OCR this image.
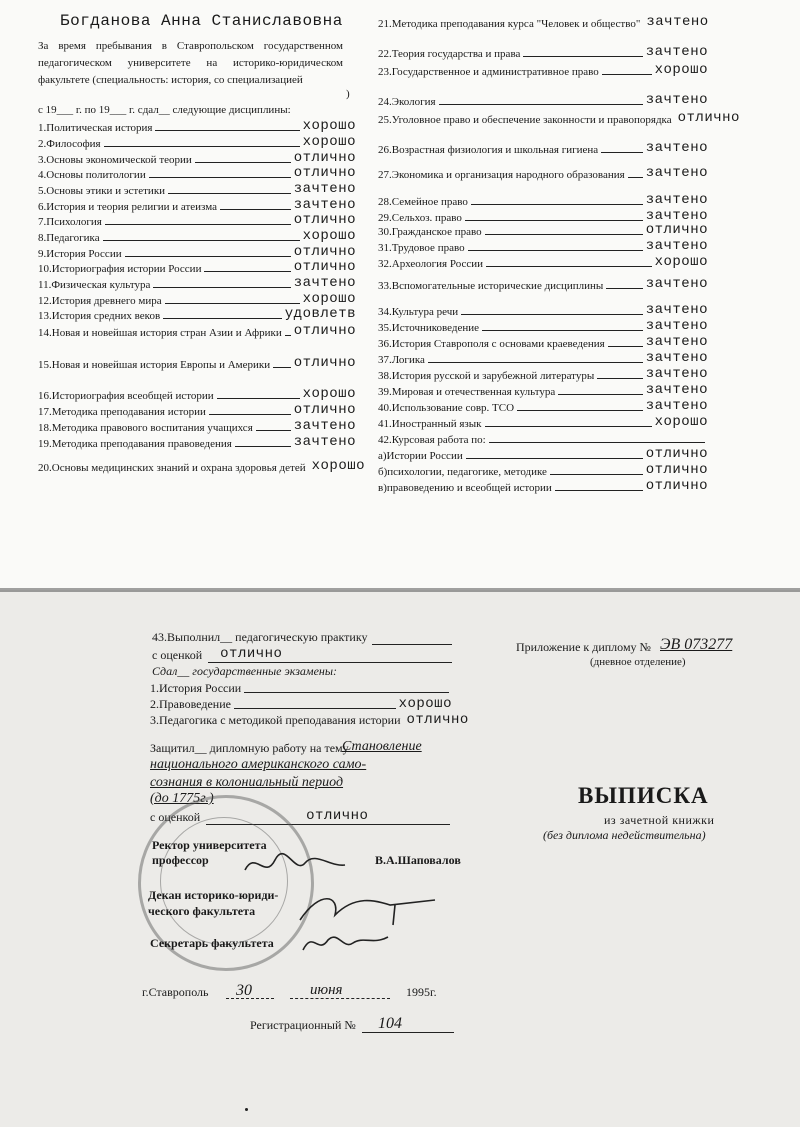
Богданова Анна Станиславовна
За время пребывания в Ставропольском государственном педагогическом университете на историко-юридическом факультете (специальность: история, со специализацией
)
с 19___ г. по 19___ г. сдал__ следующие дисциплины:
1.Политическая история	хорошо
2.Философия	хорошо
3.Основы экономической теории	отлично
4.Основы политологии	отлично
5.Основы этики и эстетики	зачтено
6.История и теория религии и атеизма	зачтено
7.Психология	отлично
8.Педагогика	хорошо
9.История России	отлично
10.Историография истории России	отлично
11.Физическая культура	зачтено
12.История древнего мира	хорошо
13.История средних веков	удовлетв
14.Новая и новейшая история стран Азии и Африки отлично
15.Новая и новейшая история Европы и Америки отлично
16.Историография всеобщей истории	хорошо
17.Методика преподавания истории	отлично
18.Методика правового воспитания учащихся	зачтено
19.Методика преподавания правоведения	зачтено
20.Основы медицинских знаний и охрана здоровья детей хорошо
21.Методика преподавания курса "Человек и общество" зачтено
22.Теория государства и права	зачтено
23.Государственное и административное право	хорошо
24.Экология	зачтено
25.Уголовное право и обеспечение законности и правопорядка отлично
26.Возрастная физиология и школьная гигиена	зачтено
27.Экономика и организация народного образования зачтено
28.Семейное право	зачтено
29.Сельхоз. право	зачтено
30.Гражданское право	отлично
31.Трудовое право	зачтено
32.Археология России	хорошо
33.Вспомогательные исторические дисциплины	зачтено
34.Культура речи	зачтено
35.Источниковедение	зачтено
36.История Ставрополя с основами краеведения	зачтено
37.Логика	зачтено
38.История русской и зарубежной литературы	зачтено
39.Мировая и отечественная культура	зачтено
40.Использование совр. ТСО	зачтено
41.Иностранный язык	хорошо
42.Курсовая работа по:
а)Истории России	отлично
б)психологии, педагогике, методике	отлично
в)правоведению и всеобщей истории	отлично
43.Выполнил__ педагогическую практику
с оценкой	отлично
Сдал__ государственные экзамены:
1.История России
2.Правоведение	хорошо
3.Педагогика с методикой преподавания истории отлично
Защитил__ дипломную работу на тему
Становление
национального американского само-
сознания в колониальный период
(до 1775г.)
с оценкой	отлично
Ректор университета
профессор	В.А.Шаповалов
Декан историко-юриди-
ческого факультета
Секретарь факультета
г.Ставрополь 30	июня	1995г.
Регистрационный № 104
Приложение к диплому № ЭВ 073277
(дневное отделение)
ВЫПИСКА
из зачетной книжки
(без диплома недействительна)
